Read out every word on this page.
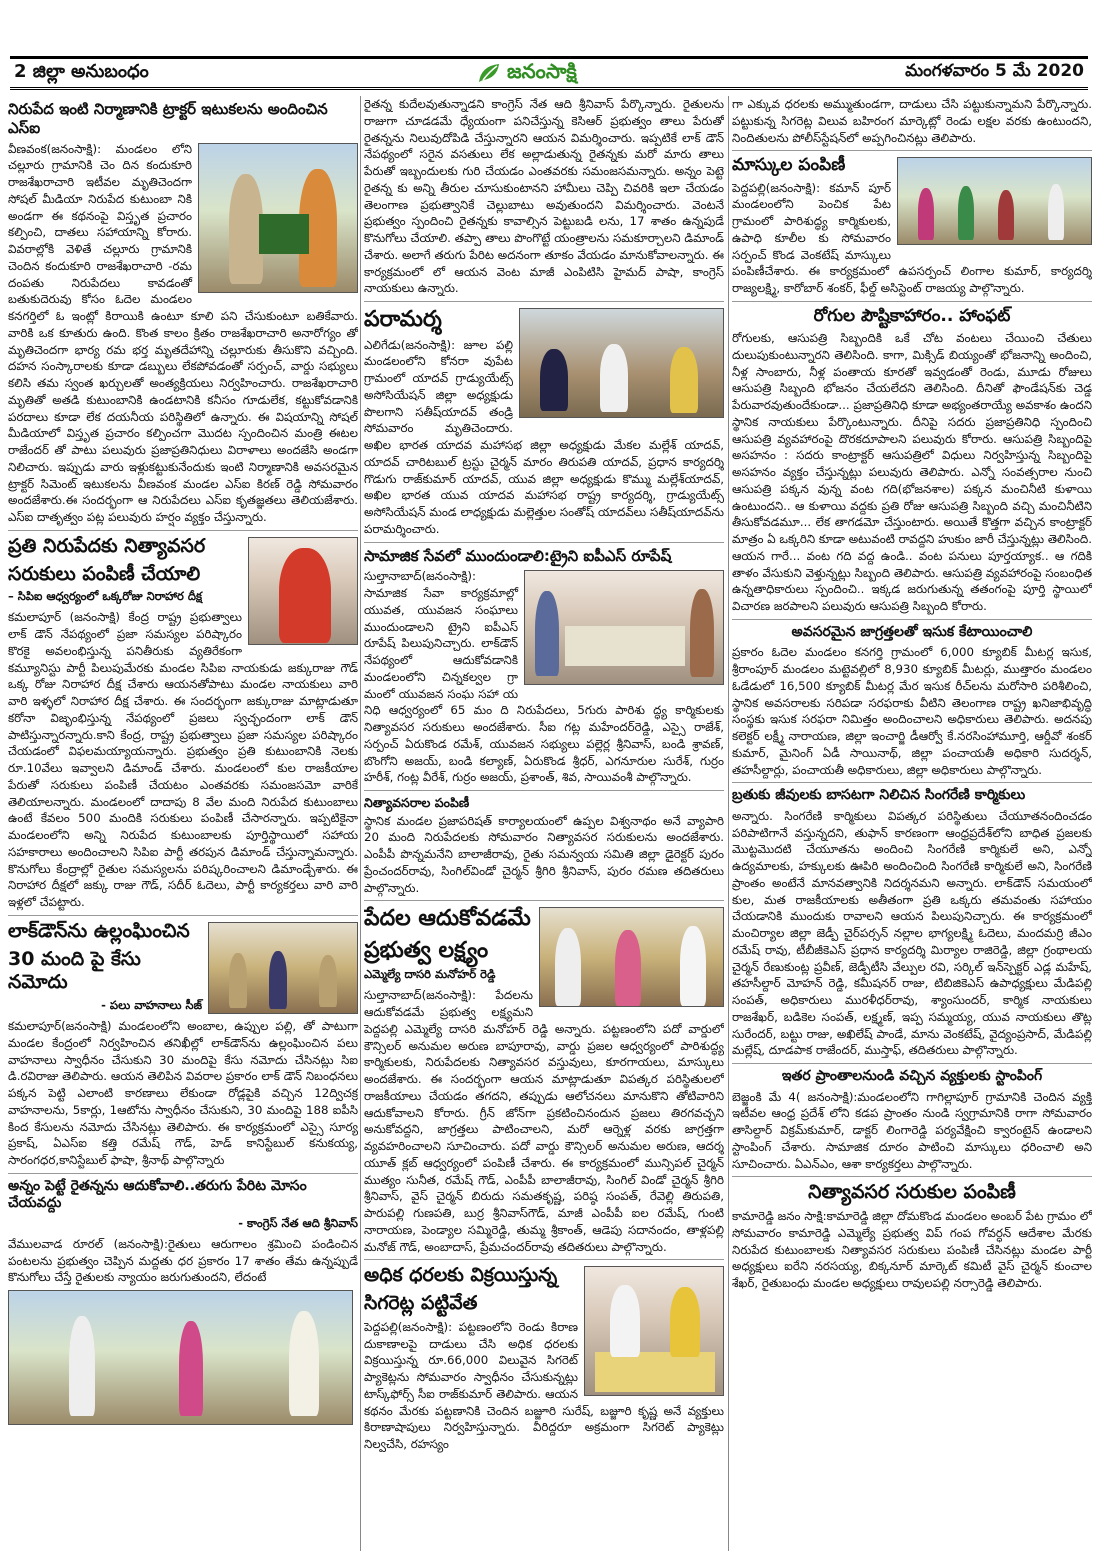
2 జిల్లా అనుబంధం	జనంసాక్షి	మంగళవారం 5 మే 2020
నిరుపేద ఇంటి నిర్మాణానికి ట్రాక్టర్ ఇటుకలను అందించిన ఎస్ఐ

వీణవంక(జనంసాక్షి): మండలం లోని చల్లూరు గ్రామానికి చెం దిన కందుకూరి రాజశేఖరాచారి ఇటీవల మృతిచెందగా సోషల్ మీడియా నిరుపేద కుటుంబా నికి అండగా ఈ కథనంపై విస్తృత ప్రచారం కల్పించి, దాతలు సహాయాన్ని కోరారు. వివరాల్లోకి వెళితే చల్లూరు గ్రామానికి చెందిన కందుకూరి రాజశేఖరాచారి -రమ దంపతు నిరుపేదలు కావడంతో బతుకుదెరువు కోసం ఓదెల మండలం కనగర్తిలో ఓ ఇంట్లో కిరాయికి ఉంటూ కూలి పని చేసుకుంటూ బతికేవారు. వారికి ఒక కూతురు ఉంది. కొంత కాలం క్రితం రాజశేఖరాచారి అనారోగ్యం తో మృతిచెందగా భార్య రమ భర్త మృతదేహాన్ని చల్లూరుకు తీసుకొని వచ్చింది. దహన సంస్కారాలకు కూడా డబ్బులు లేకపోవడంతో సర్పంచ్, వార్డు సభ్యులు కలిసి తమ స్వంత ఖర్చులతో అంత్యక్రియలు నిర్వహించారు. రాజశేఖరాచారి మృతితో అతడి కుటుంబానికి ఉండటానికి కనీసం గూడులేక, కట్టుకోవడానికి పరదాలు కూడా లేక దయనీయ పరిస్థితిలో ఉన్నారు. ఈ విషయాన్ని సోషల్ మీడియాలో విస్తృత ప్రచారం కల్పించగా మొదట స్పందించిన మంత్రి ఈటల రాజేందర్ తో పాటు పలువురు ప్రజాప్రతినిధులు విరాళాలు అందజేసి అండగా నిలిచారు. ఇప్పుడు వారు ఇళ్లుకట్టుకునేందుకు ఇంటి నిర్మాణానికి అవసరమైన ట్రాక్టర్ సిమెంట్ ఇటుకలను వీణవంక మండల ఎస్ఐ కిరణ్ రెడ్డి సోమవారం అందజేశారు.ఈ సందర్భంగా ఆ నిరుపేదలు ఎస్ఐ కృతజ్ఞతలు తెలియజేశారు. ఎస్ఐ దాతృత్వం పట్ల పలువురు హర్షం వ్యక్తం చేస్తున్నారు.

ప్రతి నిరుపేదకు నిత్యావసర
సరుకులు పంపిణీ చేయాలి
– సిపిఐ ఆధ్వర్యంలో ఒక్కరోజు నిరాహార దీక్ష

కమలాపూర్ (జనంసాక్షి) కేంద్ర రాష్ట్ర ప్రభుత్వాలు లాక్ డౌన్ నేపథ్యంలో ప్రజా సమస్యల పరిష్కారం కొరకై అవలంభిస్తున్న పనితీరుకు వ్యతిరేకంగా కమ్యూనిస్టు పార్టీ పిలుపుమేరకు మండల సిపిఐ నాయకుడు జక్కురాజు గౌడ్ ఒక్క రోజు నిరాహార దీక్ష చేశారు ఆయనతోపాటు మండల నాయకులు వారి వారి ఇళ్ళలో నిరాహార దీక్ష చేశారు. ఈ సందర్భంగా జక్కురాజు మాట్లాడుతూ కరోనా విజృంభిస్తున్న నేపథ్యంలో ప్రజలు స్వచ్ఛందంగా లాక్ డౌన్ పాటిస్తున్నారన్నారు.కాని కేంద్ర, రాష్ట్ర ప్రభుత్వాలు ప్రజా సమస్యల పరిష్కారం చేయడంలో విఫలమయ్యాయన్నారు. ప్రభుత్వం ప్రతి కుటుంబానికి నెలకు రూ.10వేలు ఇవ్వాలని డిమాండ్ చేశారు. మండలంలో కుల రాజకీయాల పేరుతో సరుకులు పంపిణీ చేయటం ఎంతవరకు సమంజసమో వారికే తెలియాలన్నారు. మండలంలో దాదాపు 8 వేల మంది నిరుపేద కుటుంబాలు ఉంటే కేవలం 500 మందికి సరుకులు పంపిణీ చేసారన్నారు. ఇప్పటికైనా మండలంలోని అన్ని నిరుపేద కుటుంబాలకు పూర్తిస్థాయిలో సహాయ సహకారాలు అందించాలని సిపిఐ పార్టీ తరపున డిమాండ్ చేస్తున్నామన్నారు. కొనుగోలు కేంద్రాల్లో రైతుల సమస్యలను పరిష్కరించాలని డిమాండ్చేశారు. ఈ నిరాహార దీక్షలో జక్కు రాజు గౌడ్, సదీర్ ఓదెలు, పార్టీ కార్యకర్తలు వారి వారి ఇళ్లలో చేపట్టారు.

లాక్‌డౌన్‌ను ఉల్లంఘించిన
30 మంది పై కేసు నమోదు
- పలు వాహనాలు సీజ్

కమలాపూర్(జనంసాక్షి) మండలంలోని అంబాల, ఉప్పుల పల్లి, తో పాటుగా మండల కేంద్రంలో నిర్వహించిన తనిఖీల్లో లాక్‌డౌన్‌ను ఉల్లంఘించిన పలు వాహనాలు స్వాధీనం చేసుకుని 30 మందిపై కేసు నమోదు చేసినట్లు సిఐ డి.రవిరాజు తెలిపారు. ఆయన తెలిపిన వివరాల ప్రకారం లాక్ డౌన్ నిబంధనలు పక్కన పెట్టి ఎలాంటి కారణాలు లేకుండా రోడ్లపైకి వచ్చిన 12ద్విచక్ర వాహనాలను, 5కార్లు, 1ఆటోను స్వాధీనం చేసుకుని, 30 మందిపై 188 ఐపీసి కింద కేసులను నమోదు చేసినట్లు తెలిపారు. ఈ కార్యక్రమంలో ఎస్సై సూర్య ప్రకాష్, ఏఎస్ఐ కత్తి రమేష్ గౌడ్, హెడ్ కానిస్టేబుల్ కనుకయ్య, సారంగధర,కానిస్టేబుల్ ఫాషా, శ్రీనాథ్ పాల్గొన్నారు

అన్నం పెట్టే రైతన్నను ఆదుకోవాలి..తరుగు పేరిట మోసం చేయవద్దు
- కాంగ్రెస్ నేత ఆది శ్రీనివాస్

వేములవాడ రూరల్ (జనంసాక్షి):రైతులు ఆరుగాలం శ్రమించి పండించిన పంటలను ప్రభుత్వం చెప్పిన మద్దతు ధర ప్రకారం 17 శాతం తేమ ఉన్నప్పుడే కొనుగోలు చేస్తే రైతులకు న్యాయం జరుగుతుందని, లేదంటే

రైతన్న కుదేలవుతున్నాడని కాంగ్రెస్ నేత ఆది శ్రీనివాస్ పేర్కొన్నారు. రైతులను రాజుగా చూడడమే ధ్యేయంగా పనిచేస్తున్న కెసిఆర్ ప్రభుత్వం తాలు పేరుతో రైతన్నను నిలువుదోపిడి చేస్తున్నారని ఆయన విమర్శించారు. ఇప్పటికే లాక్ డౌన్ నేపథ్యంలో సరైన వసతులు లేక అల్లాడుతున్న రైతన్నకు మరో మారు తాలు పేరుతో ఇబ్బందులకు గురి చేయడం ఎంతవరకు సమంజసమన్నారు. అన్నం పెట్టె రైతన్న కు అన్ని తీరుల చూసుకుంటానని హామీలు చెప్పి చివరికి ఇలా చేయడం తెలంగాణ ప్రభుత్వానికే చెల్లుబాటు అవుతుందని విమర్శించారు. వెంటనే ప్రభుత్వం స్పందించి రైతన్నకు కావాల్సిన పెట్టుబడి లను, 17 శాతం ఉన్నపుడే కొనుగోలు చేయాలి. తప్పా తాలు పొంగొట్టే యంత్రాలను సమకూర్చాలని డిమాండ్ చేశారు. అలాగే తరుగు పేరిట అదనంగా తూకం వేయడం మానుకోవాలన్నారు. ఈ కార్యక్రమంలో లో ఆయన వెంట మాజీ ఎంపిటిసి హైమద్ పాషా, కాంగ్రెస్ నాయకులు ఉన్నారు.

పరామర్శ

ఎలిగేడు(జనంసాక్షి): జూల పల్లి మండలంలోని కోనరా వుపేట గ్రామంలో యాదవ్ గ్రాడ్యుయేట్స్ అసోసియేషన్ జిల్లా అధ్యక్షుడు పొలగాని సతీష్‌యాదవ్ తండ్రి సోమవారం మృతిచెందారు. అఖిల భారత యాదవ మహాసభ జిల్లా అధ్యక్షుడు మేకల మల్లేశ్ యాదవ్, యాదవ్ చారిటబుల్ ట్రస్టు చైర్మన్ మారం తిరుపతి యాదవ్, ప్రధాన కార్యదర్శి గొడుగు రాజ్‌కుమార్ యాదవ్, యువ జిల్లా అధ్యక్షుడు కొమ్ము మల్లేశ్‌యాదవ్, అఖిల భారత యువ యాదవ మహాసభ రాష్ట్ర కార్యదర్శి, గ్రాడ్యుయేట్స్ అసోసియేషన్ మండ లాధ్యక్షుడు మల్లెత్తుల సంతోష్ యాదవ్‌లు సతీష్‌యాదవ్‌ను పరామర్శించారు.

సామాజిక సేవలో ముందుండాలి:ట్రైని ఐపీఎస్ రూపేష్

సుల్తానాబాద్(జనంసాక్షి): సామాజిక సేవా కార్యక్రమాల్లో యువత, యువజన సంఘాలు ముందుండాలని ట్రైని ఐపీఎస్ రూపేష్ పిలుపునిచ్చారు. లాక్‌డౌన్ నేపథ్యంలో ఆదుకోవడానికి మండలంలోని చిన్నకల్వల గ్రా మంలో యువజన సంఘ సహా య నిధి ఆధ్వర్యంలో 65 మం ది నిరుపేదలు, 5గురు పారిశు ద్ధ్య కార్మికులకు నిత్యావసర సరుకులు అందజేశారు. సీఐ గట్ల మహేందర్‌రెడ్డి, ఎస్సై రాజేశ్, సర్పంచ్ ఏరుకొండ రమేశ్, యువజన సభ్యులు పల్లెర్ల శ్రీనివాస్, బండి శ్రావణ్, బొంగోని అజయ్, బండి కల్యాణ్, ఏరుకొండ శ్రీధర్, ఎగనూరుల సురేశ్, గుర్రం హరీశ్, గంట్ల వీరేశ్, గుర్రం అజయ్, ప్రశాంత్, శివ, సాయివంశీ పాల్గొన్నారు.

నిత్యావసరాల పంపిణీ

స్థానిక మండల ప్రజాపరిషత్ కార్యాలయంలో ఉప్పల విశ్వనాథం అనే వ్యాపారి 20 మంది నిరుపేదలకు సోమవారం నిత్యావసర సరుకులను అందజేశారు. ఎంపీపీ పొన్నమనేని బాలాజీరావు, రైతు సమన్వయ సమితి జిల్లా డైరెక్టర్ పురం ప్రేంచందర్‌రావు, సింగిల్‌విండో చైర్మన్ శ్రీగిరి శ్రీనివాస్, పురం రమణ తదితరులు పాల్గొన్నారు.

పేదల ఆదుకోవడమే
ప్రభుత్వ లక్ష్యం
ఎమ్మెల్యే దాసరి మనోహర్ రెడ్డి

సుల్తానాబాద్(జనంసాక్షి): పేదలను ఆదుకోవడమే ప్రభుత్వ లక్ష్యమని పెద్దపల్లి ఎమ్మెల్యే దాసరి మనోహర్ రెడ్డి అన్నారు. పట్టణంలోని పదో వార్డులో కౌన్సిలర్ అనుమల అరుణ బాపూరావు, వార్డు ప్రజల ఆధ్వర్యంలో పారిశుద్ధ్య కార్మికులకు, నిరుపేదలకు నిత్యావసర వస్తువులు, కూరగాయలు, మాస్కులు అందజేశారు. ఈ సందర్భంగా ఆయన మాట్లాడుతూ విపత్కర పరిస్థితులలో రాజకీయాలు చేయడం తగదని, తప్పుడు ఆలోచనలు మానుకొని తోటివారిని ఆదుకోవాలని కోరారు. గ్రీన్ జోన్‌గా ప్రకటించినందున ప్రజలు తిరగవచ్చని అనుకోవద్దని, జాగ్రత్తలు పాటించాలని, మరో ఆర్నెళ్ల వరకు జాగ్రత్తగా వ్యవహరించాలని సూచించారు. పదో వార్డు కౌన్సిలర్ అనుమల అరుణ, ఆదర్శ యూత్ క్లబ్ ఆధ్వర్యంలో పంపిణీ చేశారు. ఈ కార్యక్రమంలో మున్సిపల్ చైర్మన్ ముత్యం సునీత, రమేష్ గౌడ్, ఎంపీపీ బాలాజీరావు, సింగిల్ విండో చైర్మన్ శ్రీగిరి శ్రీనివాస్, వైస్ చైర్మన్ బిరుదు సమతకృష్ణ, పరిష్ఠ సంపత్, రేవెల్లి తిరుపతి, పారుపల్లి గుణపతి, బుర్ర శ్రీనివాస్‌గౌడ్, మాజీ ఎంపీపీ ఐల రమేష్, గుంటి నారాయణ, పెండ్యాల సమ్మిరెడ్డి, తుమ్మ శ్రీకాంత్, ఆడెపు సదానందం, తాళ్లపల్లి మనోజ్ గౌడ్, అంబాదాస్, ప్రేమచందర్‌రావు తదితరులు పాల్గొన్నారు.

అధిక ధరలకు విక్రయిస్తున్న
సిగరెట్ల పట్టివేత

పెద్దపల్లి(జనంసాక్షి): పట్టణంలోని రెండు కిరాణ దుకాణాలపై దాడులు చేసి అధిక ధరలకు విక్రయిస్తున్న రూ.66,000 విలువైన సిగరెట్ ప్యాకెట్లను సోమవారం స్వాధీనం చేసుకున్నట్లు టాస్క్‌ఫోర్స్ సీఐ రాజ్‌కుమార్ తెలిపారు. ఆయన కథనం మేరకు పట్టణానికి చెందిన బజ్జూరి సురేష్, బజ్జూరి కృష్ణ అనే వ్యక్తులు కిరాణాషాపులు నిర్వహిస్తున్నారు. వీరిద్దరూ అక్రమంగా సిగరెట్ ప్యాకెట్లు నిల్వచేసి, రహస్యం

గా ఎక్కువ ధరలకు అమ్ముతుండగా, దాడులు చేసి పట్టుకున్నామని పేర్కొన్నారు. పట్టుకున్న సిగరెట్ల విలువ బహిరంగ మార్కెట్లో రెండు లక్షల వరకు ఉంటుందని, నిందితులను పోలీస్‌స్టేషన్‌లో అప్పగించినట్లు తెలిపారు.

మాస్కుల పంపిణీ

పెద్దపల్లి(జనంసాక్షి): కమాన్ పూర్ మండలంలోని పెంచిక పేట గ్రామంలో పారిశుద్ధ్య కార్మికులకు, ఉపాధి కూలీల కు సోమవారం సర్పంచ్ కొండ వెంకటేష్ మాస్కులు పంపిణీచేశారు. ఈ కార్యక్రమంలో ఉపసర్పంచ్ లింగాల కుమార్, కార్యదర్శి రాజ్యలక్ష్మి, కారోబార్ శంకర్, ఫీల్డ్ అసిస్టెంట్ రాజయ్య పాల్గొన్నారు.

రోగుల పౌష్టికాహారం.. హాంఫట్

రోగులకు, ఆసుపత్రి సిబ్బందికి ఒకే చోట వంటలు చేయించి చేతులు దులుపుకుంటున్నారని తెలిసింది. కాగా, మిక్సిడ్ బియ్యంతో భోజనాన్ని అందించి, నీళ్ల సాంబారు, నీళ్ల పంతాయ కూరతో ఇవ్వడంతో రెండు, మూడు రోజులు ఆసుపత్రి సిబ్బంది భోజనం చేయలేదని తెలిసింది. దీనితో ఫౌండేషన్‌కు చెడ్డ పేరువారవుతుందేకుండా... ప్రజాప్రతినిధి కూడా అభ్యంతరాయ్యే అవకాశం ఉందని స్థానిక నాయకులు పేర్కొంటున్నారు. దీనిపై సదరు ప్రజాప్రతినిధి స్పందించి ఆసుపత్రి వ్యవహారంపై దొరకదూపాలని పలువురు కోరారు. ఆసుపత్రి సిబ్బందిపై అసహనం : సదరు కాంట్రాక్టర్ ఆసుపత్రిలో విధులు నిర్వహిస్తున్న సిబ్బందిపై అసహనం వ్యక్తం చేస్తున్నట్లు పలువురు తెలిపారు. ఎన్నో సంవత్సరాల నుంచి ఆసుపత్రి పక్కన వున్న వంట గది(భోజనశాల) పక్కన మంచినీటి కుళాయి ఉంటుందని.. ఆ కుళాయి వద్దకు ప్రతి రోజు ఆసుపత్రి సిబ్బంది వచ్చి మంచినీటిని తీసుకోవడమూ... లేక తాగడమో చేస్తుంటారు. అయితే కొత్తగా వచ్చిన కాంట్రాక్టర్ మాత్రం ఏ ఒక్కరిని కూడా అటువంటి రావద్దని హుకుం జారీ చేస్తున్నట్లు తెలిసింది. ఆయన గారే... వంట గది వద్ద ఉండి.. వంట పనులు పూర్తయ్యాక.. ఆ గదికి తాళం వేసుకుని వెళ్తున్నట్లు సిబ్బంది తెలిపారు. ఆసుపత్రి వ్యవహారంపై సంబంధిత ఉన్నతాధికారులు స్పందించి.. ఇక్కడ జరుగుతున్న తతంగంపై పూర్తి స్థాయిలో విచారణ జరపాలని పలువురు ఆసుపత్రి సిబ్బంది కోరారు.

అవసరమైన జాగ్రత్తలతో ఇసుక కేటాయించాలి

ప్రకారం ఓదెల మండలం కనగర్తి గ్రామంలో 6,000 క్యూబిక్ మీటర్ల ఇసుక, శ్రీరాంపూర్ మండలం మట్టెవల్లిలో 8,930 క్యూబిక్ మీటర్లు, ముత్తారం మండలం ఓడేడులో 16,500 క్యూబిక్ మీటర్ల మేర ఇసుక రీచ్‌లను మరోసారి పరిశీలించి, స్థానిక అవసరాలకు సరిపడా సరఫరాకు వీటిని తెలంగాణ రాష్ట్ర ఖనిజాభివృద్ధి సంస్థకు ఇసుక సరఫరా నిమిత్తం అందించాలని అధికారులు తెలిపారు. అదనపు కలెక్టర్ లక్ష్మీ నారాయణ, జిల్లా ఇంచార్జి డీఆర్వో కే.నరసింహామూర్తి, ఆర్డీవో శంకర్ కుమార్, మైనింగ్ ఏడీ సాయినాథ్, జిల్లా పంచాయతీ అధికారి సుదర్శన్, తహసీల్దార్లు, పంచాయతీ అధికారులు, జిల్లా అధికారులు పాల్గొన్నారు.

బ్రతుకు జీవులకు బాసటగా నిలిచిన సింగరేణి కార్మికులు

అన్నారు. సింగరేణి కార్మికులు విపత్కర పరిస్థితులు చేయూతనందించడం పరిపాటిగానే వస్తున్నదని, తుఫాన్ కారణంగా ఆంధ్రప్రదేశ్‌లోని బాధిత ప్రజలకు మొట్టమొదటి చేయూతను అందించి సింగరేణి కార్మికులే అని, ఎన్నో ఉద్యమాలకు, హక్కులకు ఊపిరి అందించింది సింగరేణి కార్మికులే అని, సింగరేణి ప్రాంతం అంటేనే మానవత్వానికి నిదర్శనమని అన్నారు. లాక్‌డౌన్ సమయంలో కుల, మత రాజకీయాలకు అతీతంగా ప్రతి ఒక్కరు తమవంతు సహాయం చేయడానికి ముందుకు రావాలని ఆయన పిలుపునిచ్చారు. ఈ కార్యక్రమంలో మంచిర్యాల జిల్లా జెడ్పీ చైర్‌పర్సన్ నల్లాల భాగ్యలక్ష్మి ఓదెలు, మందమర్రి జీఎం రమేష్ రావు, టీబీజీకెఎస్ ప్రధాన కార్యదర్శి మిర్యాల రాజిరెడ్డి, జిల్లా గ్రంథాలయ చైర్మన్ రేణుకుంట్ల ప్రవీణ్, జెడ్పీటీసి వేల్పుల రవి, సర్కిల్ ఇన్‌స్పెక్టర్ ఎడ్ల మహేష్, తహసీల్దార్ మోహన్ రెడ్డి, కమీషనర్ రాజు, టిబిజికెఎస్ ఉపాధ్యక్షులు మేడిపల్లి సంపత్, అధికారులు మురళీధర్‌రావు, శ్యాంసుందర్, కార్మిక నాయకులు రాజశేఖర్, బడికెల సంపత్, లక్ష్మణ్, ఇప్ప సమ్మయ్య, యువ నాయకులు తొట్ల సురేందర్, బట్టు రాజు, అఖిలేష్ పాండే, మాను వెంకటేష్, వైద్యంప్రసాద్, మేడిపల్లి మల్లేష్, దూడపాక రాజేందర్, ముస్తాఫ్, తదితరులు పాల్గొన్నారు.

ఇతర ప్రాంతాలనుండి వచ్చిన వ్యక్తులకు స్టాంపింగ్

బెజ్జంకి మే 4( జనంసాక్షి):మండలంలోని గాగిల్లాపూర్ గ్రామానికి చెందిన వ్యక్తి ఇటీవల ఆంధ్ర ప్రదేశ్ లోని కడప ప్రాంతం నుండి స్వగ్రామానికి రాగా సోమవారం తాసిల్దార్ విక్రమ్‌కుమార్, డాక్టర్ లింగారెడ్డి పర్యవేక్షించి క్వారంటైన్ ఉండాలని స్టాంపింగ్ చేశారు. సామాజిక దూరం పాటించి మాస్కులు ధరించాలి అని సూచించారు. ఏఎన్ఎం, ఆశా కార్యకర్తలు పాల్గొన్నారు.

నిత్యావసర సరుకుల పంపిణీ

కామారెడ్డి జనం సాక్షి:కామారెడ్డి జిల్లా దోమకొండ మండలం అంబర్ పేట గ్రామం లో సోమవారం కామారెడ్డి ఎమ్మెల్యే ప్రభుత్వ విప్ గంప గోవర్ధన్ ఆదేశాల మేరకు నిరుపేద కుటుంబాలకు నిత్యావసర సరుకులు పంపిణీ చేసినట్లు మండల పార్టీ అధ్యక్షులు ఐరేని నరసయ్య, బిక్కనూర్ మార్కెట్ కమిటీ వైస్ చైర్మన్ కుంచాల శేఖర్, రైతుబంధు మండల అధ్యక్షులు రావులపల్లి నర్సారెడ్డి తెలిపారు.
